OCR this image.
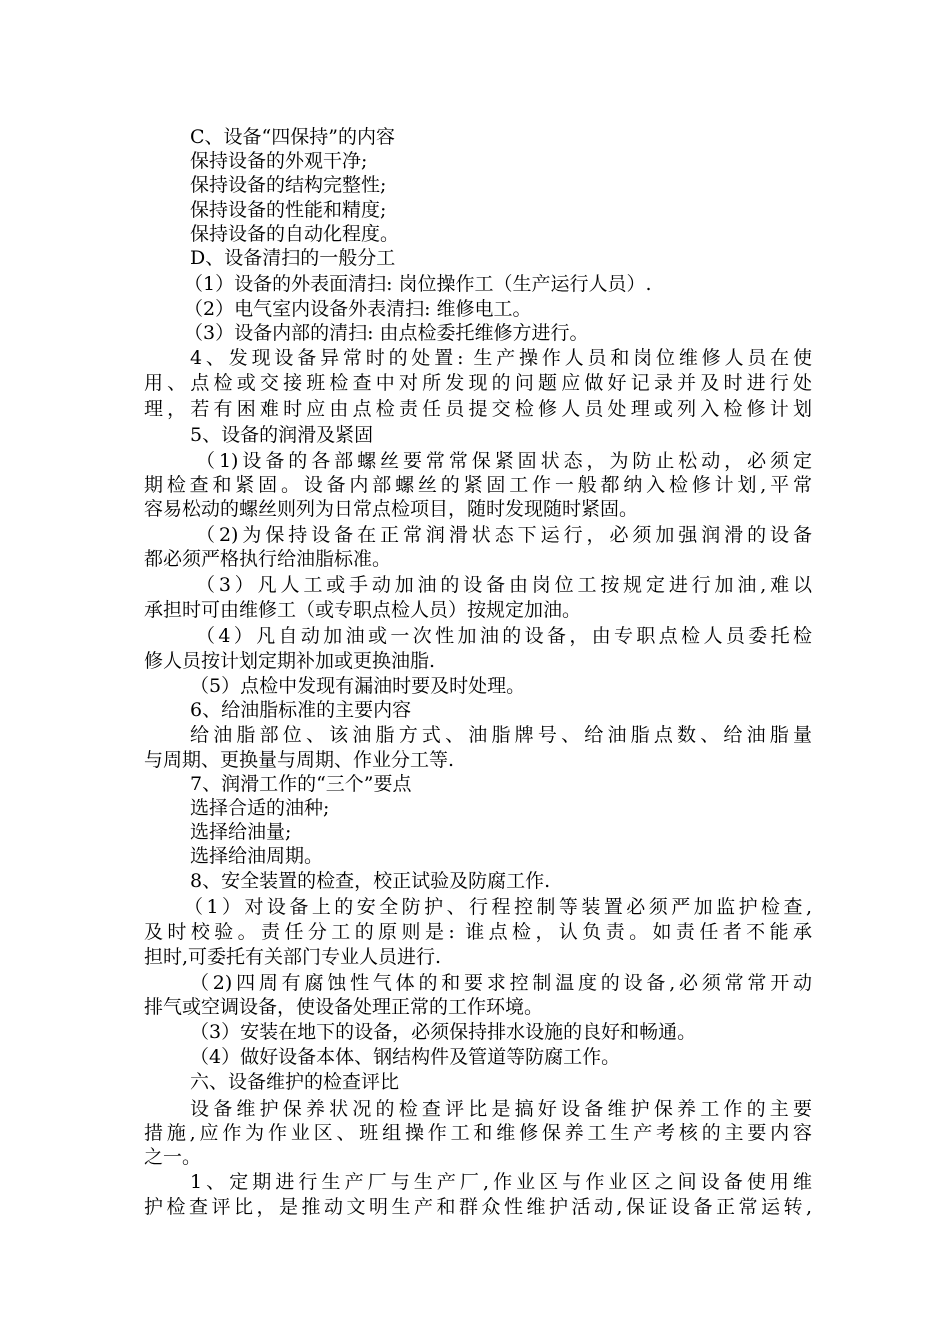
C、设备“四保持”的内容
保持设备的外观干净;
保持设备的结构完整性;
保持设备的性能和精度;
保持设备的自动化程度。
D、设备清扫的一般分工
（1）设备的外表面清扫: 岗位操作工（生产运行人员）.
（2）电气室内设备外表清扫: 维修电工。
（3）设备内部的清扫: 由点检委托维修方进行。
4、发现设备异常时的处置: 生产操作人员和岗位维修人员在使
用、点检或交接班检查中对所发现的问题应做好记录并及时进行处
理，若有困难时应由点检责任员提交检修人员处理或列入检修计划
5、设备的润滑及紧固
（1)设备的各部螺丝要常常保紧固状态，为防止松动，必须定
期检查和紧固。设备内部螺丝的紧固工作一般都纳入检修计划,平常
容易松动的螺丝则列为日常点检项目，随时发现随时紧固。
（2)为保持设备在正常润滑状态下运行，必须加强润滑的设备
都必须严格执行给油脂标准。
（3）凡人工或手动加油的设备由岗位工按规定进行加油,难以
承担时可由维修工（或专职点检人员）按规定加油。
（4）凡自动加油或一次性加油的设备，由专职点检人员委托检
修人员按计划定期补加或更换油脂.
（5）点检中发现有漏油时要及时处理。
6、给油脂标准的主要内容
给油脂部位、该油脂方式、油脂牌号、给油脂点数、给油脂量
与周期、更换量与周期、作业分工等.
7、润滑工作的“三个”要点
选择合适的油种;
选择给油量;
选择给油周期。
8、安全装置的检查，校正试验及防腐工作.
（1）对设备上的安全防护、行程控制等装置必须严加监护检查,
及时校验。责任分工的原则是: 谁点检，认负责。如责任者不能承
担时,可委托有关部门专业人员进行.
（2)四周有腐蚀性气体的和要求控制温度的设备,必须常常开动
排气或空调设备，使设备处理正常的工作环境。
（3）安装在地下的设备，必须保持排水设施的良好和畅通。
（4）做好设备本体、钢结构件及管道等防腐工作。
六、设备维护的检查评比
设备维护保养状况的检查评比是搞好设备维护保养工作的主要
措施,应作为作业区、班组操作工和维修保养工生产考核的主要内容
之一。
1、定期进行生产厂与生产厂,作业区与作业区之间设备使用维
护检查评比，是推动文明生产和群众性维护活动,保证设备正常运转,
